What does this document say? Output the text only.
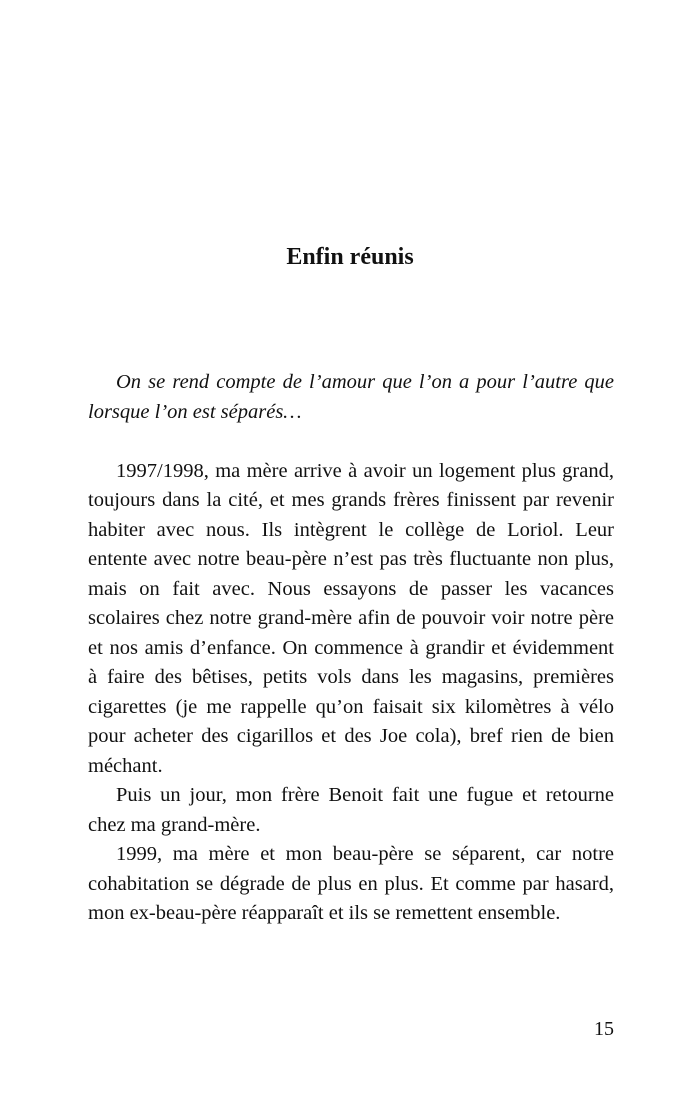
Enfin réunis

On se rend compte de l’amour que l’on a pour l’autre que lorsque l’on est séparés…

1997/1998, ma mère arrive à avoir un logement plus grand, toujours dans la cité, et mes grands frères finissent par revenir habiter avec nous. Ils intègrent le collège de Loriol. Leur entente avec notre beau-père n’est pas très fluctuante non plus, mais on fait avec. Nous essayons de passer les vacances scolaires chez notre grand-mère afin de pouvoir voir notre père et nos amis d’enfance. On commence à grandir et évidemment à faire des bêtises, petits vols dans les magasins, premières cigarettes (je me rappelle qu’on faisait six kilomètres à vélo pour acheter des cigarillos et des Joe cola), bref rien de bien méchant.

Puis un jour, mon frère Benoit fait une fugue et retourne chez ma grand-mère.

1999, ma mère et mon beau-père se séparent, car notre cohabitation se dégrade de plus en plus. Et comme par hasard, mon ex-beau-père réapparaît et ils se remettent ensemble.

15
